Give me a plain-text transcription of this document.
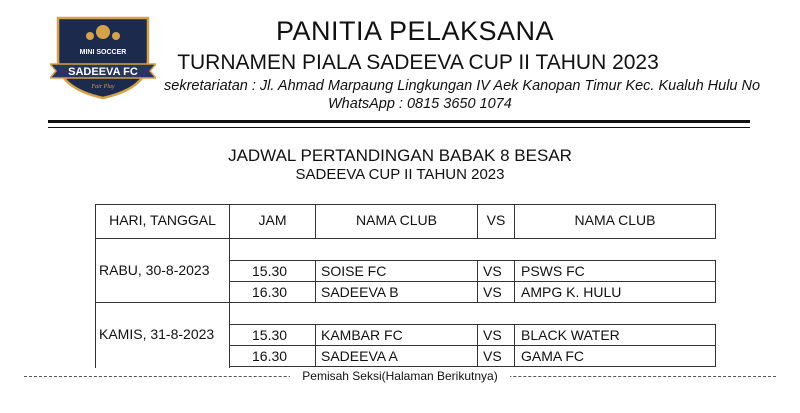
MINI SOCCER
SADEEVA FC
Fair Play
PANITIA PELAKSANA
TURNAMEN PIALA SADEEVA CUP II TAHUN 2023
sekretariatan : Jl. Ahmad Marpaung Lingkungan IV Aek Kanopan Timur Kec. Kualuh Hulu No
WhatsApp : 0815 3650 1074
JADWAL PERTANDINGAN BABAK 8 BESAR
SADEEVA CUP II TAHUN 2023
HARI, TANGGAL	JAM	NAMA CLUB	VS	NAMA CLUB
RABU, 30-8-2023	15.30 SOISE FC	VS PSWS FC
16.30 SADEEVA B	VS AMPG K. HULU
KAMIS, 31-8-2023	15.30 KAMBAR FC	VS BLACK WATER
16.30 SADEEVA A	VS GAMA FC
Pemisah Seksi(Halaman Berikutnya)
